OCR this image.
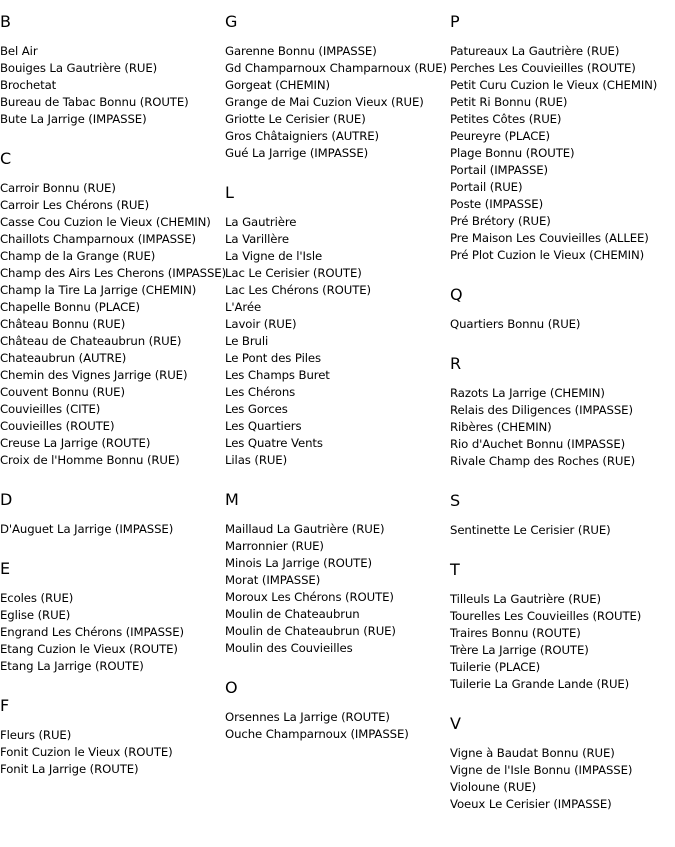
B
Bel Air
Bouiges La Gautrière (RUE)
Brochetat
Bureau de Tabac Bonnu (ROUTE)
Bute La Jarrige (IMPASSE)
C
Carroir Bonnu (RUE)
Carroir Les Chérons (RUE)
Casse Cou Cuzion le Vieux (CHEMIN)
Chaillots Champarnoux (IMPASSE)
Champ de la Grange (RUE)
Champ des Airs Les Cherons (IMPASSE)
Champ la Tire La Jarrige (CHEMIN)
Chapelle Bonnu (PLACE)
Château Bonnu (RUE)
Château de Chateaubrun (RUE)
Chateaubrun (AUTRE)
Chemin des Vignes Jarrige (RUE)
Couvent Bonnu (RUE)
Couvieilles (CITE)
Couvieilles (ROUTE)
Creuse La Jarrige (ROUTE)
Croix de l'Homme Bonnu (RUE)
D
D'Auguet La Jarrige (IMPASSE)
E
Ecoles (RUE)
Eglise (RUE)
Engrand Les Chérons (IMPASSE)
Etang Cuzion le Vieux (ROUTE)
Etang La Jarrige (ROUTE)
F
Fleurs (RUE)
Fonit Cuzion le Vieux (ROUTE)
Fonit La Jarrige (ROUTE)
G
Garenne Bonnu (IMPASSE)
Gd Champarnoux Champarnoux (RUE)
Gorgeat (CHEMIN)
Grange de Mai Cuzion Vieux (RUE)
Griotte Le Cerisier (RUE)
Gros Châtaigniers (AUTRE)
Gué La Jarrige (IMPASSE)
L
La Gautrière
La Varillère
La Vigne de l'Isle
Lac Le Cerisier (ROUTE)
Lac Les Chérons (ROUTE)
L'Arée
Lavoir (RUE)
Le Bruli
Le Pont des Piles
Les Champs Buret
Les Chérons
Les Gorces
Les Quartiers
Les Quatre Vents
Lilas (RUE)
M
Maillaud La Gautrière (RUE)
Marronnier (RUE)
Minois La Jarrige (ROUTE)
Morat (IMPASSE)
Moroux Les Chérons (ROUTE)
Moulin de Chateaubrun
Moulin de Chateaubrun (RUE)
Moulin des Couvieilles
O
Orsennes La Jarrige (ROUTE)
Ouche Champarnoux (IMPASSE)
P
Patureaux La Gautrière (RUE)
Perches Les Couvieilles (ROUTE)
Petit Curu Cuzion le Vieux (CHEMIN)
Petit Ri Bonnu (RUE)
Petites Côtes (RUE)
Peureyre (PLACE)
Plage Bonnu (ROUTE)
Portail (IMPASSE)
Portail (RUE)
Poste (IMPASSE)
Pré Brétory (RUE)
Pre Maison Les Couvieilles (ALLEE)
Pré Plot Cuzion le Vieux (CHEMIN)
Q
Quartiers Bonnu (RUE)
R
Razots La Jarrige (CHEMIN)
Relais des Diligences (IMPASSE)
Ribères (CHEMIN)
Rio d'Auchet Bonnu (IMPASSE)
Rivale Champ des Roches (RUE)
S
Sentinette Le Cerisier (RUE)
T
Tilleuls La Gautrière (RUE)
Tourelles Les Couvieilles (ROUTE)
Traires Bonnu (ROUTE)
Trère La Jarrige (ROUTE)
Tuilerie (PLACE)
Tuilerie La Grande Lande (RUE)
V
Vigne à Baudat Bonnu (RUE)
Vigne de l'Isle Bonnu (IMPASSE)
Violoune (RUE)
Voeux Le Cerisier (IMPASSE)
